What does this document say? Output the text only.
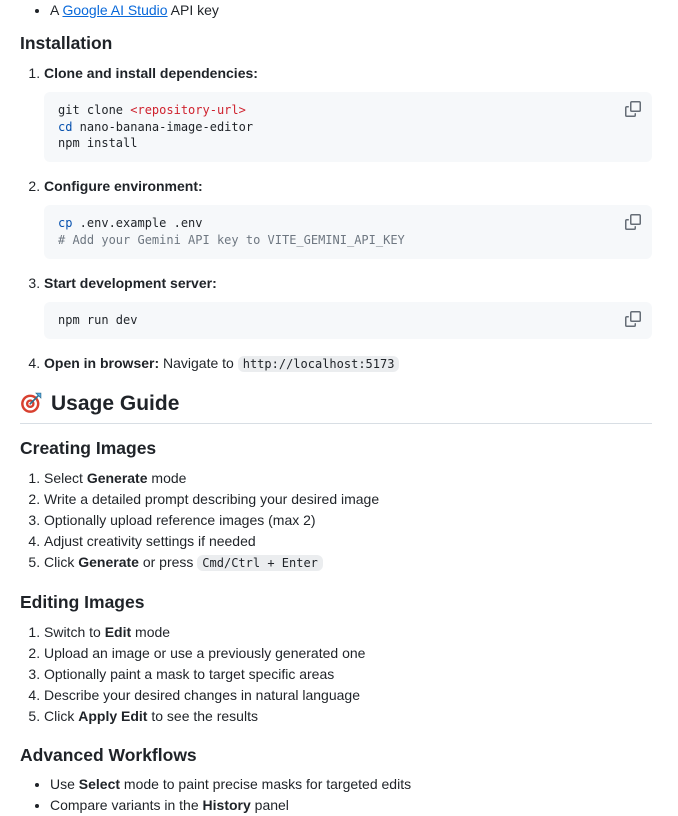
• A Google AI Studio API key
Installation

1. Clone and install dependencies:

git clone <repository-url>
cd nano-banana-image-editor
npm install

2. Configure environment:

cp .env.example .env
# Add your Gemini API key to VITE_GEMINI_API_KEY

3. Start development server:

npm run dev

4. Open in browser: Navigate to http://localhost:5173

Usage Guide
Creating Images
1. Select Generate mode
2. Write a detailed prompt describing your desired image
3. Optionally upload reference images (max 2)
4. Adjust creativity settings if needed
5. Click Generate or press Cmd/Ctrl + Enter
Editing Images
1. Switch to Edit mode
2. Upload an image or use a previously generated one
3. Optionally paint a mask to target specific areas
4. Describe your desired changes in natural language
5. Click Apply Edit to see the results
Advanced Workflows
• Use Select mode to paint precise masks for targeted edits
• Compare variants in the History panel
